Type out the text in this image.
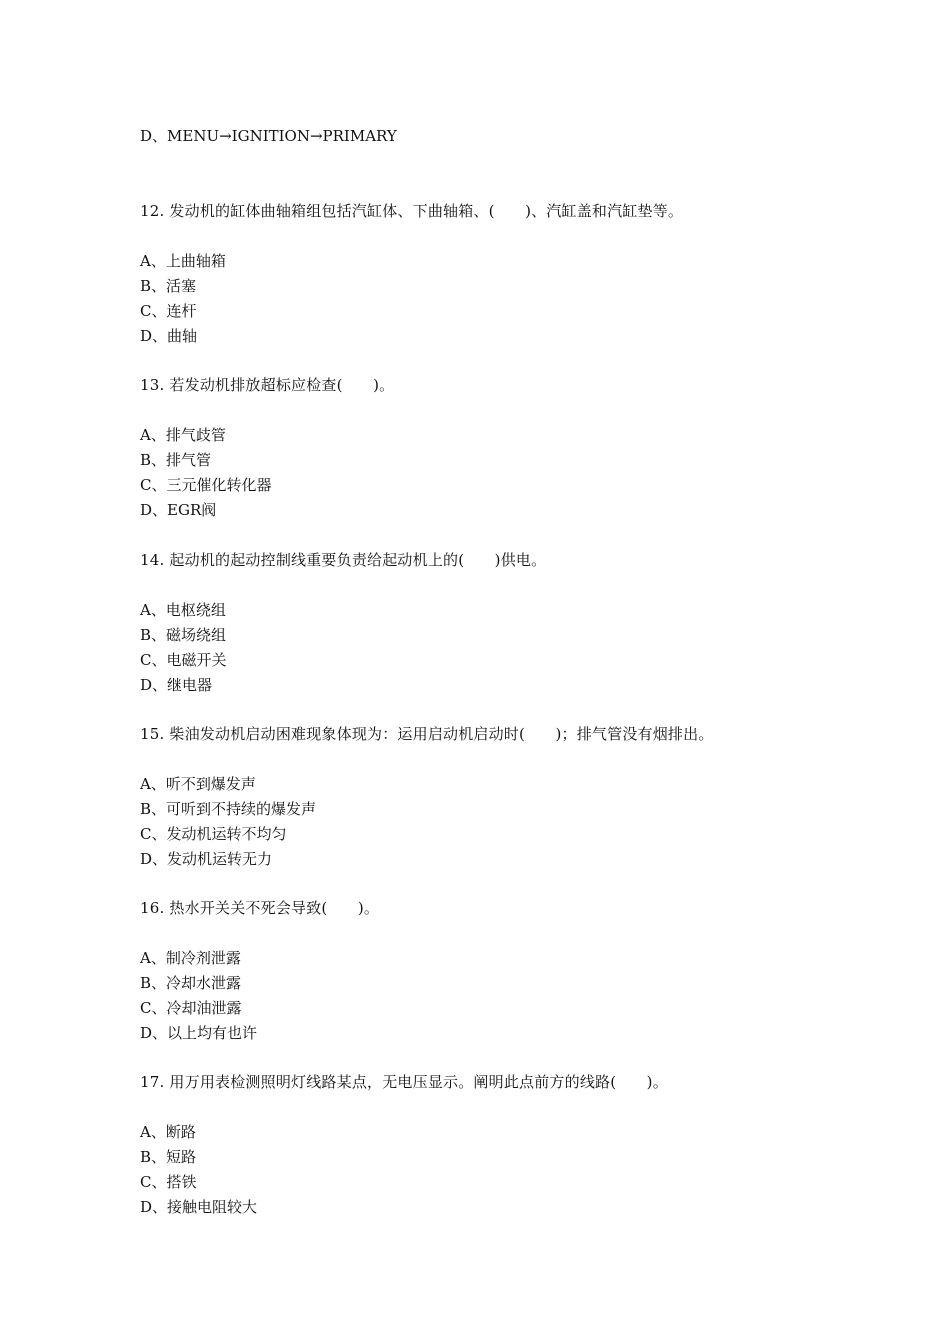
D、MENU→IGNITION→PRIMARY
12. 发动机的缸体曲轴箱组包括汽缸体、下曲轴箱、(　　)、汽缸盖和汽缸垫等。
A、上曲轴箱
B、活塞
C、连杆
D、曲轴
13. 若发动机排放超标应检查(　　)。
A、排气歧管
B、排气管
C、三元催化转化器
D、EGR阀
14. 起动机的起动控制线重要负责给起动机上的(　　)供电。
A、电枢绕组
B、磁场绕组
C、电磁开关
D、继电器
15. 柴油发动机启动困难现象体现为：运用启动机启动时(　　)；排气管没有烟排出。
A、听不到爆发声
B、可听到不持续的爆发声
C、发动机运转不均匀
D、发动机运转无力
16. 热水开关关不死会导致(　　)。
A、制冷剂泄露
B、冷却水泄露
C、冷却油泄露
D、以上均有也许
17. 用万用表检测照明灯线路某点，无电压显示。阐明此点前方的线路(　　)。
A、断路
B、短路
C、搭铁
D、接触电阻较大
